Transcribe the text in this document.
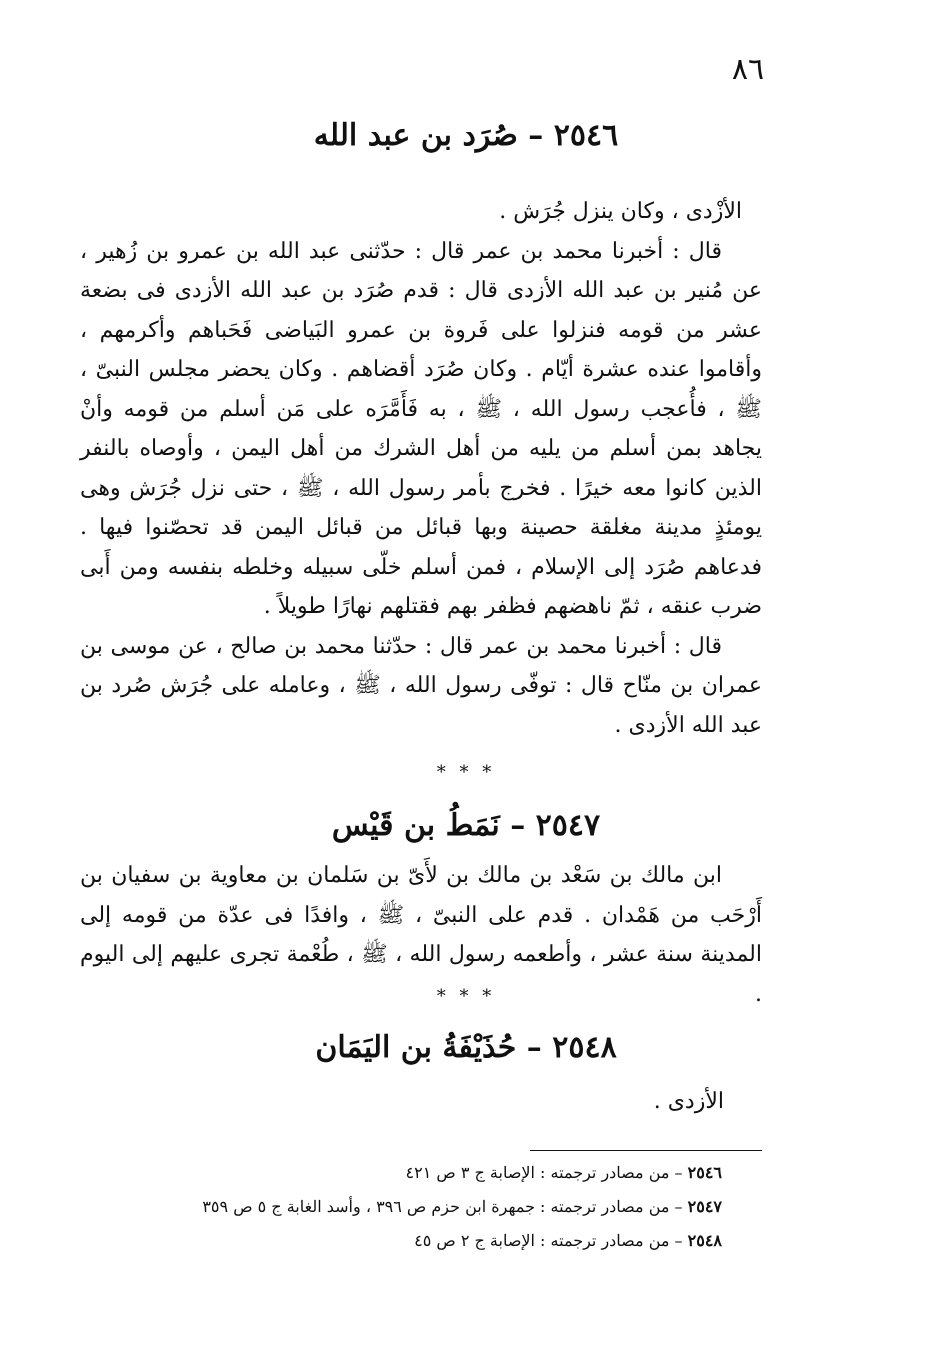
٨٦
٢٥٤٦ – صُرَد بن عبد الله

الأزْدى ، وكان ينزل جُرَش .

قال : أخبرنا محمد بن عمر قال : حدّثنى عبد الله بن عمرو بن زُهير ، عن مُنير بن عبد الله الأزدى قال : قدم صُرَد بن عبد الله الأزدى فى بضعة عشر من قومه فنزلوا على فَروة بن عمرو البَياضى فَحَباهم وأكرمهم ، وأقاموا عنده عشرة أيّام . وكان صُرَد أقضاهم . وكان يحضر مجلس النبىّ ، ﷺ ، فأُعجب رسول الله ، ﷺ ، به فَأَمَّرَه على مَن أسلم من قومه وأنْ يجاهد بمن أسلم من يليه من أهل الشرك من أهل اليمن ، وأوصاه بالنفر الذين كانوا معه خيرًا . فخرج بأمر رسول الله ، ﷺ ، حتى نزل جُرَش وهى يومئذٍ مدينة مغلقة حصينة وبها قبائل من قبائل اليمن قد تحصّنوا فيها . فدعاهم صُرَد إلى الإسلام ، فمن أسلم خلّى سبيله وخلطه بنفسه ومن أَبى ضرب عنقه ، ثمّ ناهضهم فظفر بهم فقتلهم نهارًا طويلاً .

قال : أخبرنا محمد بن عمر قال : حدّثنا محمد بن صالح ، عن موسى بن عمران بن منّاح قال : توفّى رسول الله ، ﷺ ، وعامله على جُرَش صُرد بن عبد الله الأزدى .

* * *
٢٥٤٧ – نَمَطُ بن قَيْس

ابن مالك بن سَعْد بن مالك بن لأَىّ بن سَلمان بن معاوية بن سفيان بن أَرْحَب من هَمْدان . قدم على النبىّ ، ﷺ ، وافدًا فى عدّة من قومه إلى المدينة سنة عشر ، وأطعمه رسول الله ، ﷺ ، طُعْمة تجرى عليهم إلى اليوم .

* * *
٢٥٤٨ – حُذَيْفَةُ بن اليَمَان

الأزدى .

٢٥٤٦ – من مصادر ترجمته : الإصابة ج ٣ ص ٤٢١
٢٥٤٧ – من مصادر ترجمته : جمهرة ابن حزم ص ٣٩٦ ، وأسد الغابة ج ٥ ص ٣٥٩
٢٥٤٨ – من مصادر ترجمته : الإصابة ج ٢ ص ٤٥
